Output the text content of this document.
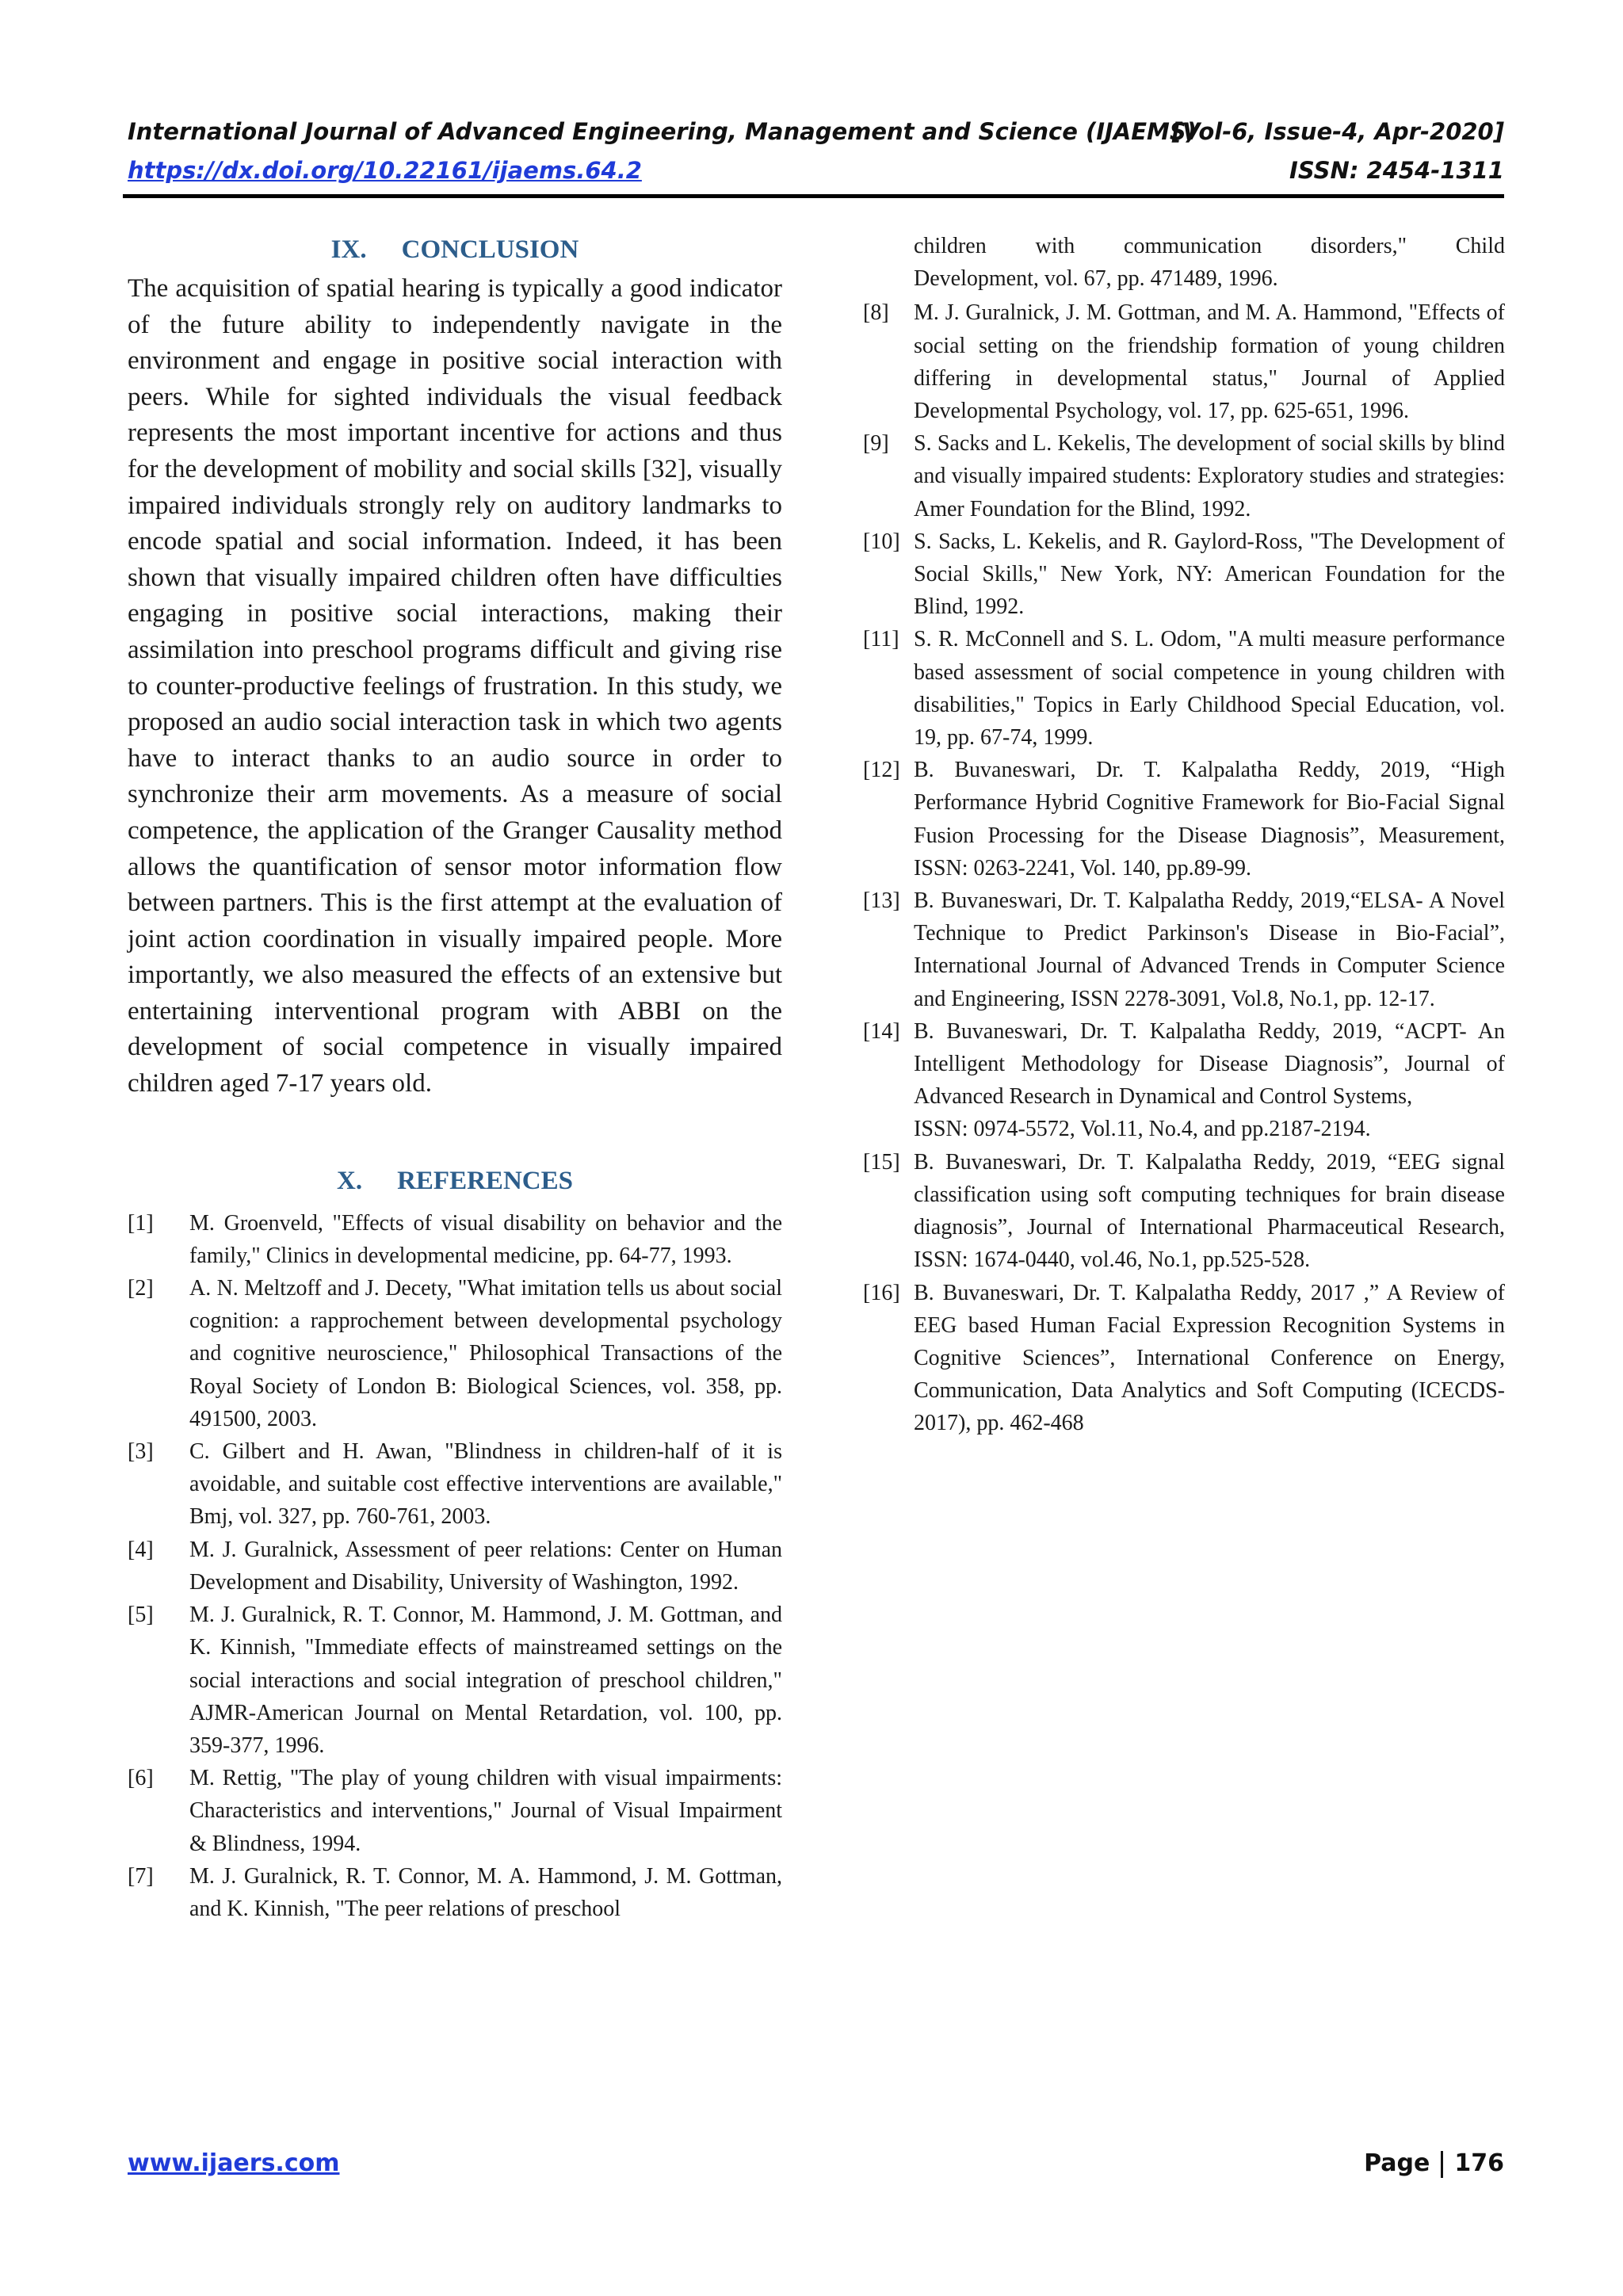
International Journal of Advanced Engineering, Management and Science (IJAEMS)
[Vol-6, Issue-4, Apr-2020]
https://dx.doi.org/10.22161/ijaems.64.2	ISSN: 2454-1311
IX. CONCLUSION

The acquisition of spatial hearing is typically a good indicator of the future ability to independently navigate in the environment and engage in positive social interaction with peers. While for sighted individuals the visual feedback represents the most important incentive for actions and thus for the development of mobility and social skills [32], visually impaired individuals strongly rely on auditory landmarks to encode spatial and social information. Indeed, it has been shown that visually impaired children often have difficulties engaging in positive social interactions, making their assimilation into preschool programs difficult and giving rise to counter-productive feelings of frustration. In this study, we proposed an audio social interaction task in which two agents have to interact thanks to an audio source in order to synchronize their arm movements. As a measure of social competence, the application of the Granger Causality method allows the quantification of sensor motor information flow between partners. This is the first attempt at the evaluation of joint action coordination in visually impaired people. More importantly, we also measured the effects of an extensive but entertaining interventional program with ABBI on the development of social competence in visually impaired children aged 7-17 years old.

X. REFERENCES
[1]	M. Groenveld, "Effects of visual disability on behavior and the family," Clinics in developmental medicine, pp. 64-77, 1993.
[2]	A. N. Meltzoff and J. Decety, "What imitation tells us about social cognition: a rapprochement between developmental psychology and cognitive neuroscience," Philosophical Transactions of the Royal Society of London B: Biological Sciences, vol. 358, pp. 491500, 2003.
[3]	C. Gilbert and H. Awan, "Blindness in children-half of it is avoidable, and suitable cost effective interventions are available," Bmj, vol. 327, pp. 760-761, 2003.
[4]	M. J. Guralnick, Assessment of peer relations: Center on Human Development and Disability, University of Washington, 1992.
[5]	M. J. Guralnick, R. T. Connor, M. Hammond, J. M. Gottman, and K. Kinnish, "Immediate effects of mainstreamed settings on the social interactions and social integration of preschool children," AJMR-American Journal on Mental Retardation, vol. 100, pp. 359-377, 1996.
[6]	M. Rettig, "The play of young children with visual impairments: Characteristics and interventions," Journal of Visual Impairment & Blindness, 1994.
[7]	M. J. Guralnick, R. T. Connor, M. A. Hammond, J. M. Gottman, and K. Kinnish, "The peer relations of preschool
children with communication disorders," Child
Development, vol. 67, pp. 471489, 1996.
[8]	M. J. Guralnick, J. M. Gottman, and M. A. Hammond, "Effects of social setting on the friendship formation of young children differing in developmental status," Journal of Applied Developmental Psychology, vol. 17, pp. 625-651, 1996.
[9]	S. Sacks and L. Kekelis, The development of social skills by blind and visually impaired students: Exploratory studies and strategies: Amer Foundation for the Blind, 1992.
[10] S. Sacks, L. Kekelis, and R. Gaylord-Ross, "The Development of Social Skills," New York, NY: American Foundation for the Blind, 1992.
[11] S. R. McConnell and S. L. Odom, "A multi measure performance based assessment of social competence in young children with disabilities," Topics in Early Childhood Special Education, vol. 19, pp. 67-74, 1999.
[12] B. Buvaneswari, Dr. T. Kalpalatha Reddy, 2019, “High Performance Hybrid Cognitive Framework for Bio-Facial Signal Fusion Processing for the Disease Diagnosis”, Measurement, ISSN: 0263-2241, Vol. 140, pp.89-99.
[13] B. Buvaneswari, Dr. T. Kalpalatha Reddy, 2019,“ELSA- A Novel Technique to Predict Parkinson's Disease in Bio-Facial”, International Journal of Advanced Trends in Computer Science and Engineering, ISSN 2278-3091, Vol.8, No.1, pp. 12-17.
[14] B. Buvaneswari, Dr. T. Kalpalatha Reddy, 2019, “ACPT- An Intelligent Methodology for Disease Diagnosis”, Journal of Advanced Research in Dynamical and Control Systems,
ISSN: 0974-5572, Vol.11, No.4, and pp.2187-2194.
[15] B. Buvaneswari, Dr. T. Kalpalatha Reddy, 2019, “EEG signal classification using soft computing techniques for brain disease diagnosis”, Journal of International Pharmaceutical Research, ISSN: 1674-0440, vol.46, No.1, pp.525-528.
[16] B. Buvaneswari, Dr. T. Kalpalatha Reddy, 2017 ,” A Review of EEG based Human Facial Expression Recognition Systems in Cognitive Sciences”, International Conference on Energy, Communication, Data Analytics and Soft Computing (ICECDS-2017), pp. 462-468
www.ijaers.com	Page 176
